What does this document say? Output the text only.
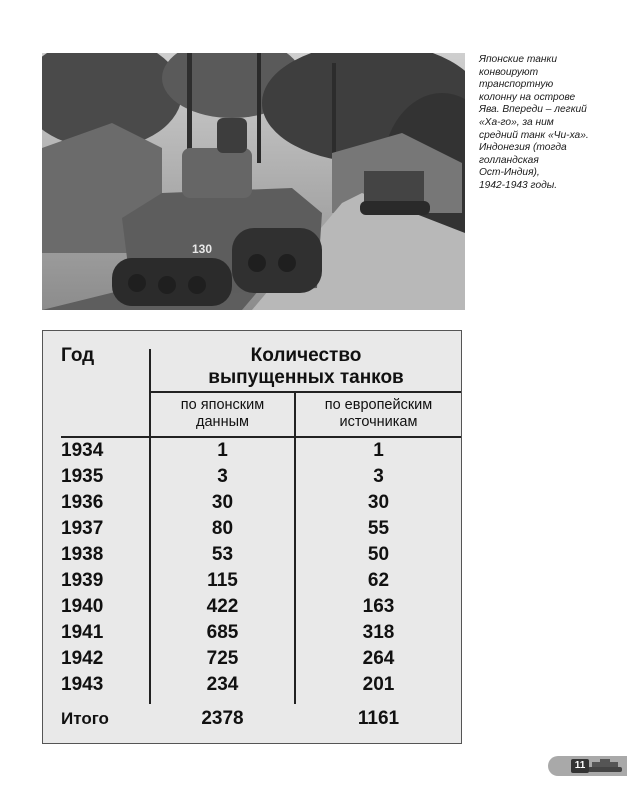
130
Японские танки
конвоируют
транспортную
колонну на острове
Ява. Впереди – легкий
«Ха-го», за ним
средний танк «Чи-ха».
Индонезия (тогда
голландская
Ост-Индия),
1942-1943 годы.
Год	Количество
выпущенных танков
по японским
данным
по европейским
источникам
1934	1	1
1935	3	3
1936	30	30
1937	80	55
1938	53	50
1939	115	62
1940	422	163
1941	685	318
1942	725	264
1943	234	201
Итого	2378	1161
11
